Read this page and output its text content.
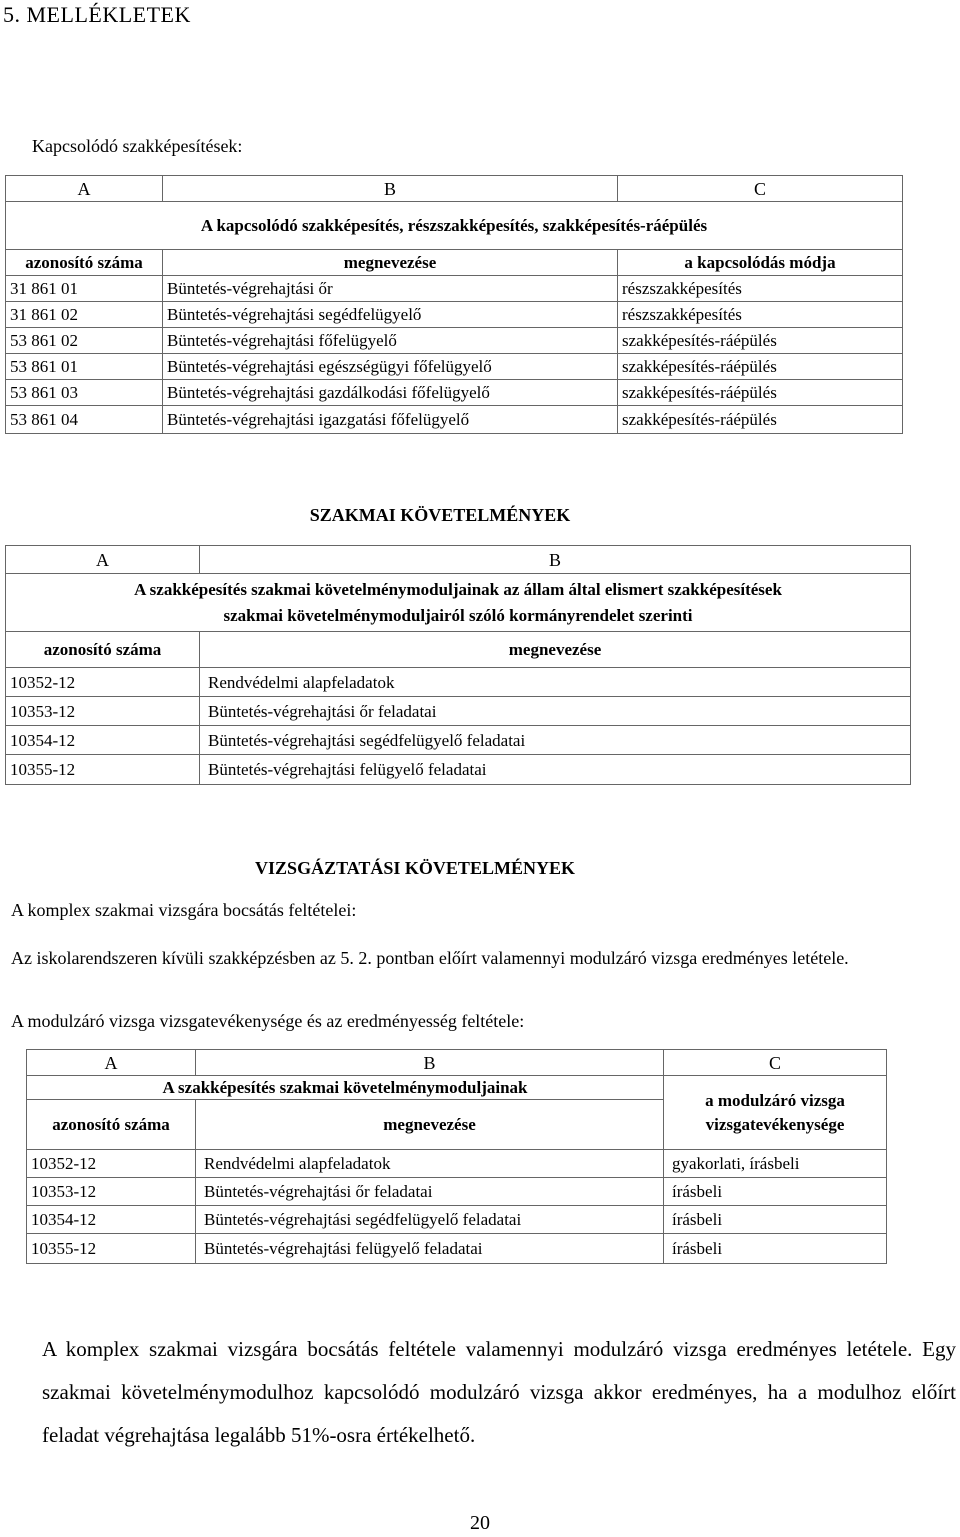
5. MELLÉKLETEK
Kapcsolódó szakképesítések:
A	B	C
A kapcsolódó szakképesítés, részszakképesítés, szakképesítés-ráépülés		
azonosító száma	megnevezése	a kapcsolódás módja
31 861 01	Büntetés-végrehajtási őr	részszakképesítés
31 861 02	Büntetés-végrehajtási segédfelügyelő	részszakképesítés
53 861 02	Büntetés-végrehajtási főfelügyelő	szakképesítés-ráépülés
53 861 01	Büntetés-végrehajtási egészségügyi főfelügyelő	szakképesítés-ráépülés
53 861 03	Büntetés-végrehajtási gazdálkodási főfelügyelő	szakképesítés-ráépülés
53 861 04	Büntetés-végrehajtási igazgatási főfelügyelő	szakképesítés-ráépülés
SZAKMAI KÖVETELMÉNYEK
A	B

A szakképesítés szakmai követelménymoduljainak az állam által elismert szakképesítések
szakmai követelménymoduljairól szóló kormányrendelet szerinti	

azonosító száma	megnevezése
10352-12	Rendvédelmi alapfeladatok
10353-12	Büntetés-végrehajtási őr feladatai
10354-12	Büntetés-végrehajtási segédfelügyelő feladatai
10355-12	Büntetés-végrehajtási felügyelő feladatai
VIZSGÁZTATÁSI KÖVETELMÉNYEK
A komplex szakmai vizsgára bocsátás feltételei:
Az iskolarendszeren kívüli szakképzésben az 5. 2. pontban előírt valamennyi modulzáró vizsga eredményes letétele.
A modulzáró vizsga vizsgatevékenysége és az eredményesség feltétele:
A	B	C
A szakképesítés szakmai követelménymoduljainak		a modulzáró vizsga
vizsgatevékenysége

azonosító száma	megnevezése	
10352-12	Rendvédelmi alapfeladatok	gyakorlati, írásbeli
10353-12	Büntetés-végrehajtási őr feladatai	írásbeli
10354-12	Büntetés-végrehajtási segédfelügyelő feladatai	írásbeli
10355-12	Büntetés-végrehajtási felügyelő feladatai	írásbeli
A komplex szakmai vizsgára bocsátás feltétele valamennyi modulzáró vizsga eredményes letétele. Egy szakmai követelménymodulhoz kapcsolódó modulzáró vizsga akkor eredményes, ha a modulhoz előírt feladat végrehajtása legalább 51%-osra értékelhető.
20
